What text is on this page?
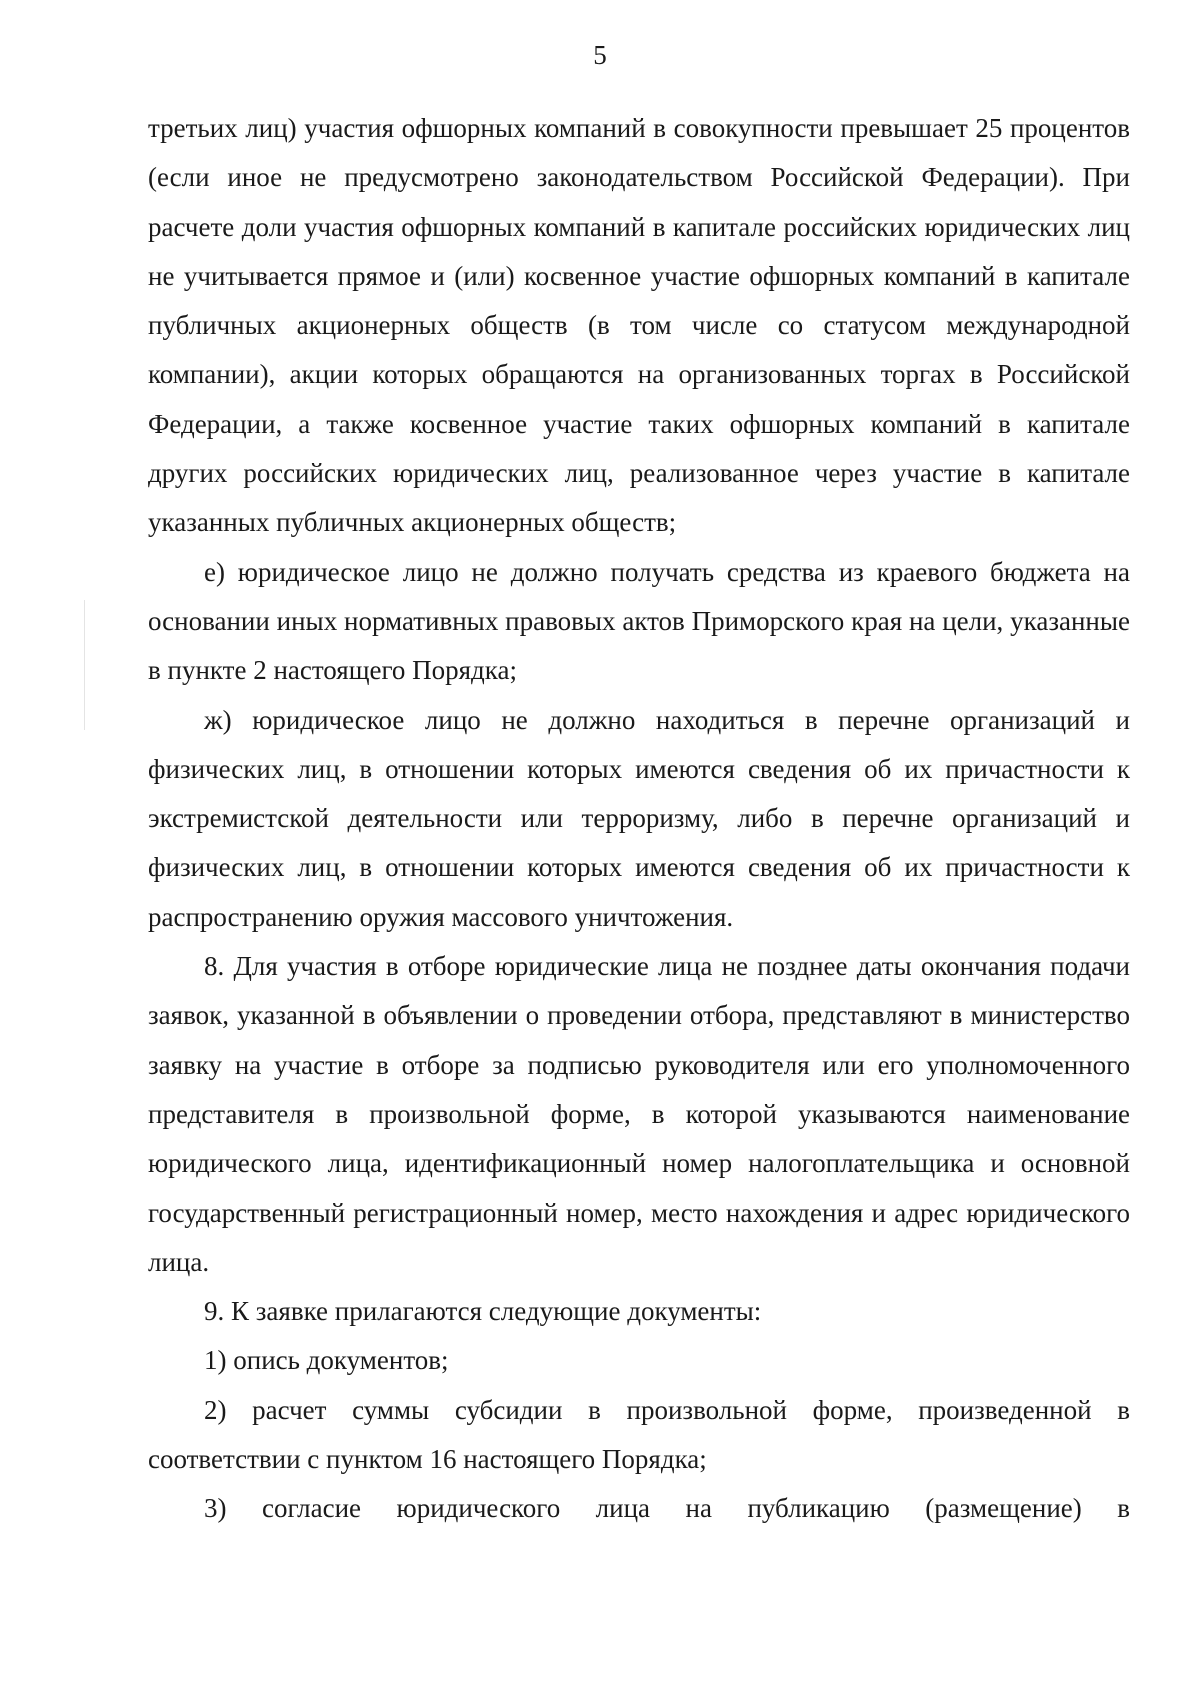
5

третьих лиц) участия офшорных компаний в совокупности превышает 25 процентов (если иное не предусмотрено законодательством Российской Федерации). При расчете доли участия офшорных компаний в капитале российских юридических лиц не учитывается прямое и (или) косвенное участие офшорных компаний в капитале публичных акционерных обществ (в том числе со статусом международной компании), акции которых обращаются на организованных торгах в Российской Федерации, а также косвенное участие таких офшорных компаний в капитале других российских юридических лиц, реализованное через участие в капитале указанных публичных акционерных обществ;

е) юридическое лицо не должно получать средства из краевого бюджета на основании иных нормативных правовых актов Приморского края на цели, указанные в пункте 2 настоящего Порядка;

ж) юридическое лицо не должно находиться в перечне организаций и физических лиц, в отношении которых имеются сведения об их причастности к экстремистской деятельности или терроризму, либо в перечне организаций и физических лиц, в отношении которых имеются сведения об их причастности к распространению оружия массового уничтожения.

8. Для участия в отборе юридические лица не позднее даты окончания подачи заявок, указанной в объявлении о проведении отбора, представляют в министерство заявку на участие в отборе за подписью руководителя или его уполномоченного представителя в произвольной форме, в которой указываются наименование юридического лица, идентификационный номер налогоплательщика и основной государственный регистрационный номер, место нахождения и адрес юридического лица.

9. К заявке прилагаются следующие документы:

1) опись документов;

2) расчет суммы субсидии в произвольной форме, произведенной в соответствии с пунктом 16 настоящего Порядка;

3) согласие юридического лица на публикацию (размещение) в
